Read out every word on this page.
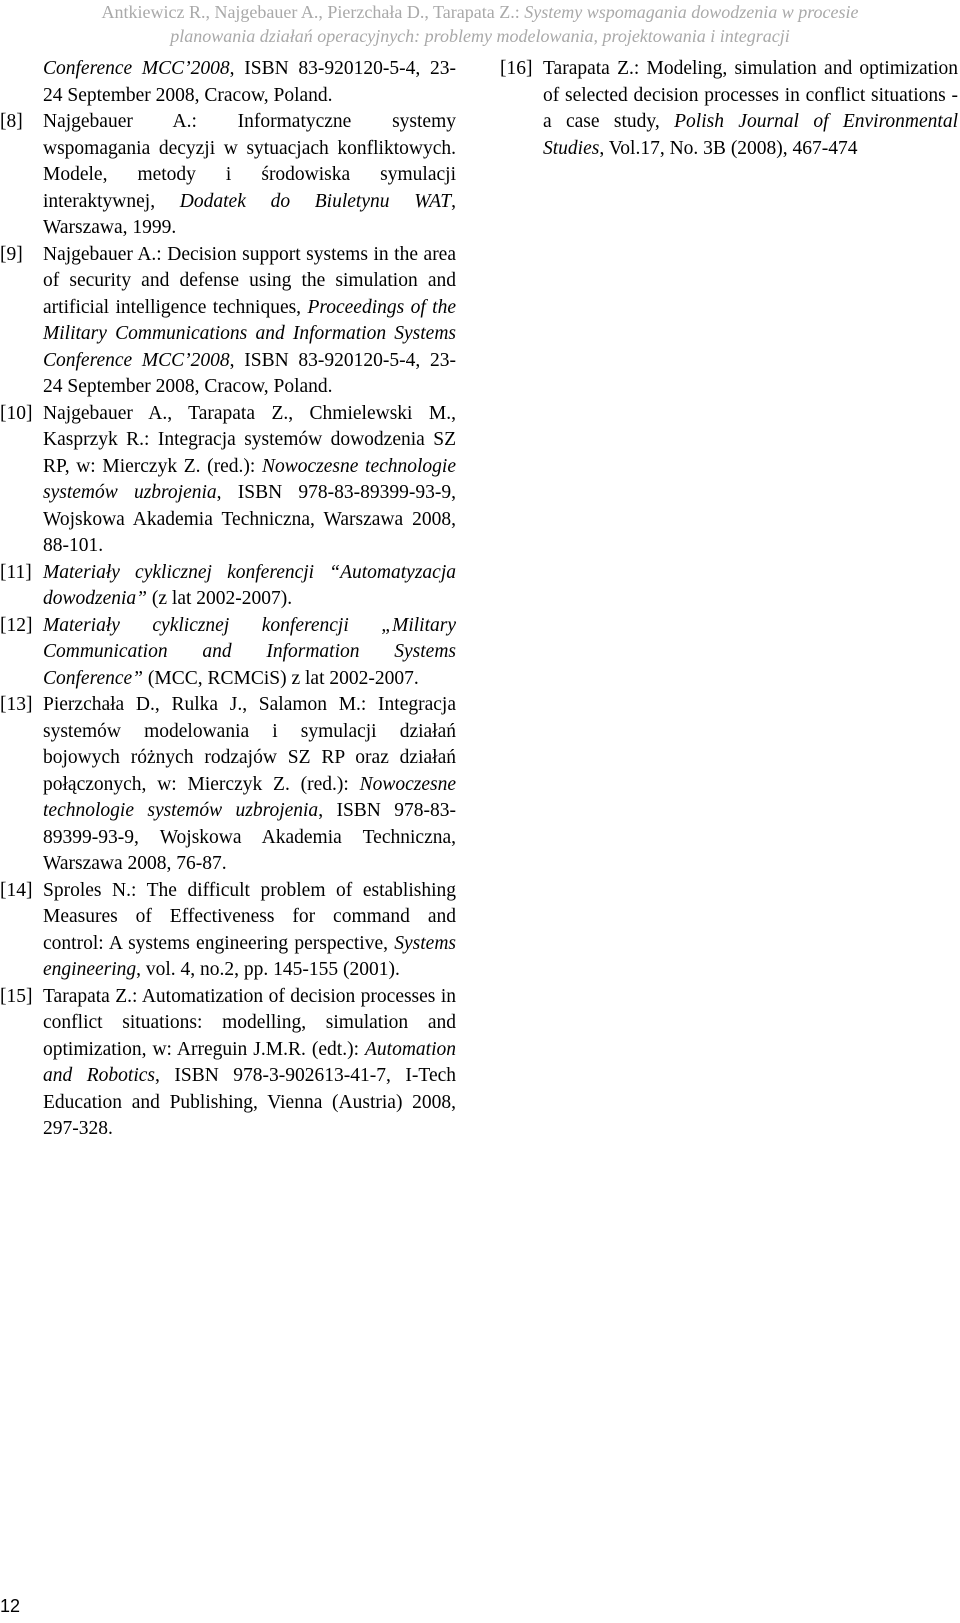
Antkiewicz R., Najgebauer A., Pierzchała D., Tarapata Z.: Systemy wspomagania dowodzenia w procesie
planowania działań operacyjnych: problemy modelowania, projektowania i integracji

Conference MCC’2008, ISBN 83-920120-5-4, 23-24 September 2008, Cracow, Poland.

[8] Najgebauer A.: Informatyczne systemy wspomagania decyzji w sytuacjach konfliktowych. Modele, metody i środowiska symulacji interaktywnej, Dodatek do Biuletynu WAT, Warszawa, 1999.

[9] Najgebauer A.: Decision support systems in the area of security and defense using the simulation and artificial intelligence techniques, Proceedings of the Military Communications and Information Systems Conference MCC’2008, ISBN 83-920120-5-4, 23-24 September 2008, Cracow, Poland.

[10] Najgebauer A., Tarapata Z., Chmielewski M., Kasprzyk R.: Integracja systemów dowodzenia SZ RP, w: Mierczyk Z. (red.): Nowoczesne technologie systemów uzbrojenia, ISBN 978-83-89399-93-9, Wojskowa Akademia Techniczna, Warszawa 2008, 88-101.

[11] Materiały cyklicznej konferencji “Automatyzacja dowodzenia” (z lat 2002-2007).

[12] Materiały cyklicznej konferencji „Military Communication and Information Systems Conference” (MCC, RCMCiS) z lat 2002-2007.

[13] Pierzchała D., Rulka J., Salamon M.: Integracja systemów modelowania i symulacji działań bojowych różnych rodzajów SZ RP oraz działań połączonych, w: Mierczyk Z. (red.): Nowoczesne technologie systemów uzbrojenia, ISBN 978-83-89399-93-9, Wojskowa Akademia Techniczna, Warszawa 2008, 76-87.

[14] Sproles N.: The difficult problem of establishing Measures of Effectiveness for command and control: A systems engineering perspective, Systems engineering, vol. 4, no.2, pp. 145-155 (2001).

[15] Tarapata Z.: Automatization of decision processes in conflict situations: modelling, simulation and optimization, w: Arreguin J.M.R. (edt.): Automation and Robotics, ISBN 978-3-902613-41-7, I-Tech Education and Publishing, Vienna (Austria) 2008, 297-328.

[16] Tarapata Z.: Modeling, simulation and optimization of selected decision processes in conflict situations - a case study, Polish Journal of Environmental Studies, Vol.17, No. 3B (2008), 467-474

12
